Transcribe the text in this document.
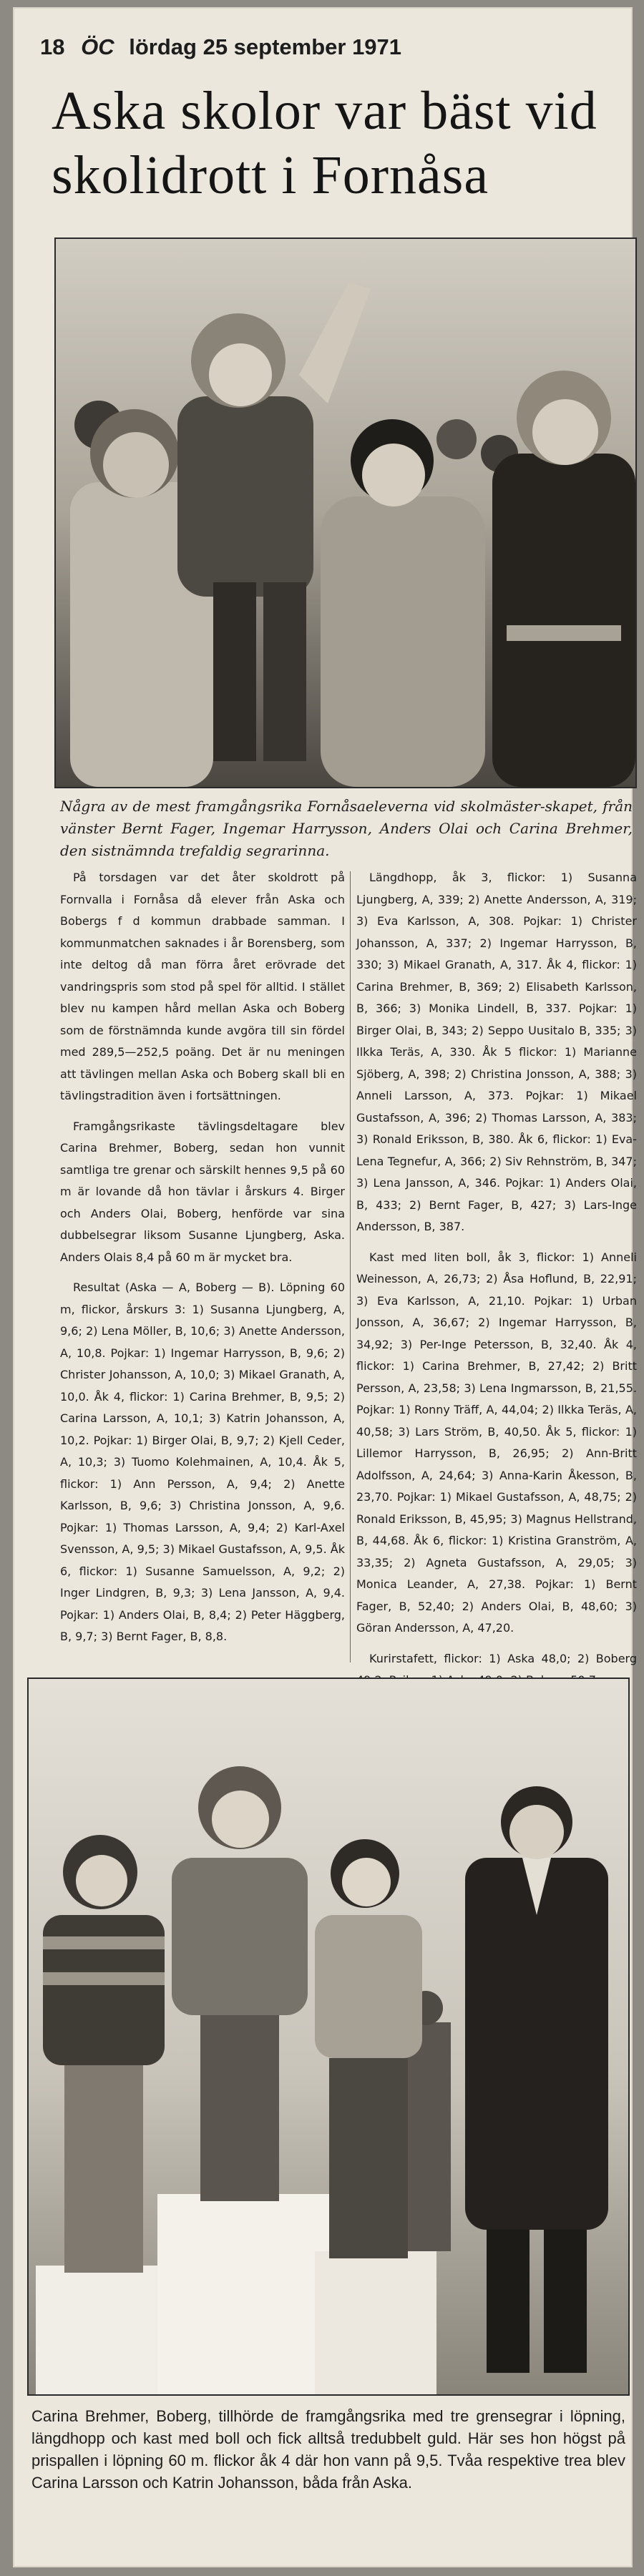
18 ÖC lördag 25 september 1971
Aska skolor var bäst vid skolidrott i Fornåsa

Några av de mest framgångsrika Fornåsaeleverna vid skolmäster-skapet, från vänster Bernt Fager, Ingemar Harrysson, Anders Olai och Carina Brehmer, den sistnämnda trefaldig segrarinna.

På torsdagen var det åter skoldrott på Fornvalla i Fornåsa då elever från Aska och Bobergs f d kommun drabbade samman. I kommunmatchen saknades i år Borensberg, som inte deltog då man förra året erövrade det vandringspris som stod på spel för alltid. I stället blev nu kampen hård mellan Aska och Boberg som de förstnämnda kunde avgöra till sin fördel med 289,5—252,5 poäng. Det är nu meningen att tävlingen mellan Aska och Boberg skall bli en tävlingstradition även i fortsättningen.

Framgångsrikaste tävlingsdeltagare blev Carina Brehmer, Boberg, sedan hon vunnit samtliga tre grenar och särskilt hennes 9,5 på 60 m är lovande då hon tävlar i årskurs 4. Birger och Anders Olai, Boberg, henförde var sina dubbelsegrar liksom Susanne Ljungberg, Aska. Anders Olais 8,4 på 60 m är mycket bra.

Resultat (Aska — A, Boberg — B). Löpning 60 m, flickor, årskurs 3: 1) Susanna Ljungberg, A, 9,6; 2) Lena Möller, B, 10,6; 3) Anette Andersson, A, 10,8. Pojkar: 1) Ingemar Harrysson, B, 9,6; 2) Christer Johansson, A, 10,0; 3) Mikael Granath, A, 10,0. Åk 4, flickor: 1) Carina Brehmer, B, 9,5; 2) Carina Larsson, A, 10,1; 3) Katrin Johansson, A, 10,2. Pojkar: 1) Birger Olai, B, 9,7; 2) Kjell Ceder, A, 10,3; 3) Tuomo Kolehmainen, A, 10,4. Åk 5, flickor: 1) Ann Persson, A, 9,4; 2) Anette Karlsson, B, 9,6; 3) Christina Jonsson, A, 9,6. Pojkar: 1) Thomas Larsson, A, 9,4; 2) Karl-Axel Svensson, A, 9,5; 3) Mikael Gustafsson, A, 9,5. Åk 6, flickor: 1) Susanne Samuelsson, A, 9,2; 2) Inger Lindgren, B, 9,3; 3) Lena Jansson, A, 9,4. Pojkar: 1) Anders Olai, B, 8,4; 2) Peter Häggberg, B, 9,7; 3) Bernt Fager, B, 8,8.

Längdhopp, åk 3, flickor: 1) Susanna Ljungberg, A, 339; 2) Anette Andersson, A, 319; 3) Eva Karlsson, A, 308. Pojkar: 1) Christer Johansson, A, 337; 2) Ingemar Harrysson, B, 330; 3) Mikael Granath, A, 317. Åk 4, flickor: 1) Carina Brehmer, B, 369; 2) Elisabeth Karlsson, B, 366; 3) Monika Lindell, B, 337. Pojkar: 1) Birger Olai, B, 343; 2) Seppo Uusitalo B, 335; 3) Ilkka Teräs, A, 330. Åk 5 flickor: 1) Marianne Sjöberg, A, 398; 2) Christina Jonsson, A, 388; 3) Anneli Larsson, A, 373. Pojkar: 1) Mikael Gustafsson, A, 396; 2) Thomas Larsson, A, 383; 3) Ronald Eriksson, B, 380. Åk 6, flickor: 1) Eva-Lena Tegnefur, A, 366; 2) Siv Rehnström, B, 347; 3) Lena Jansson, A, 346. Pojkar: 1) Anders Olai, B, 433; 2) Bernt Fager, B, 427; 3) Lars-Inge Andersson, B, 387.

Kast med liten boll, åk 3, flickor: 1) Anneli Weinesson, A, 26,73; 2) Åsa Hoflund, B, 22,91; 3) Eva Karlsson, A, 21,10. Pojkar: 1) Urban Jonsson, A, 36,67; 2) Ingemar Harrysson, B, 34,92; 3) Per-Inge Petersson, B, 32,40. Åk 4, flickor: 1) Carina Brehmer, B, 27,42; 2) Britt Persson, A, 23,58; 3) Lena Ingmarsson, B, 21,55. Pojkar: 1) Ronny Träff, A, 44,04; 2) Ilkka Teräs, A, 40,58; 3) Lars Ström, B, 40,50. Åk 5, flickor: 1) Lillemor Harrysson, B, 26,95; 2) Ann-Britt Adolfsson, A, 24,64; 3) Anna-Karin Åkesson, B, 23,70. Pojkar: 1) Mikael Gustafsson, A, 48,75; 2) Ronald Eriksson, B, 45,95; 3) Magnus Hellstrand, B, 44,68. Åk 6, flickor: 1) Kristina Granström, A, 33,35; 2) Agneta Gustafsson, A, 29,05; 3) Monica Leander, A, 27,38. Pojkar: 1) Bernt Fager, B, 52,40; 2) Anders Olai, B, 48,60; 3) Göran Andersson, A, 47,20.

Kurirstafett, flickor: 1) Aska 48,0; 2) Boberg

Carina Brehmer, Boberg, tillhörde de framgångsrika med tre grensegrar i löpning, längdhopp och kast med boll och fick alltså tredubbelt guld. Här ses hon högst på prispallen i löpning 60 m. flickor åk 4 där hon vann på 9,5. Tvåa respektive trea blev Carina Larsson och Katrin Johansson, båda från Aska.
